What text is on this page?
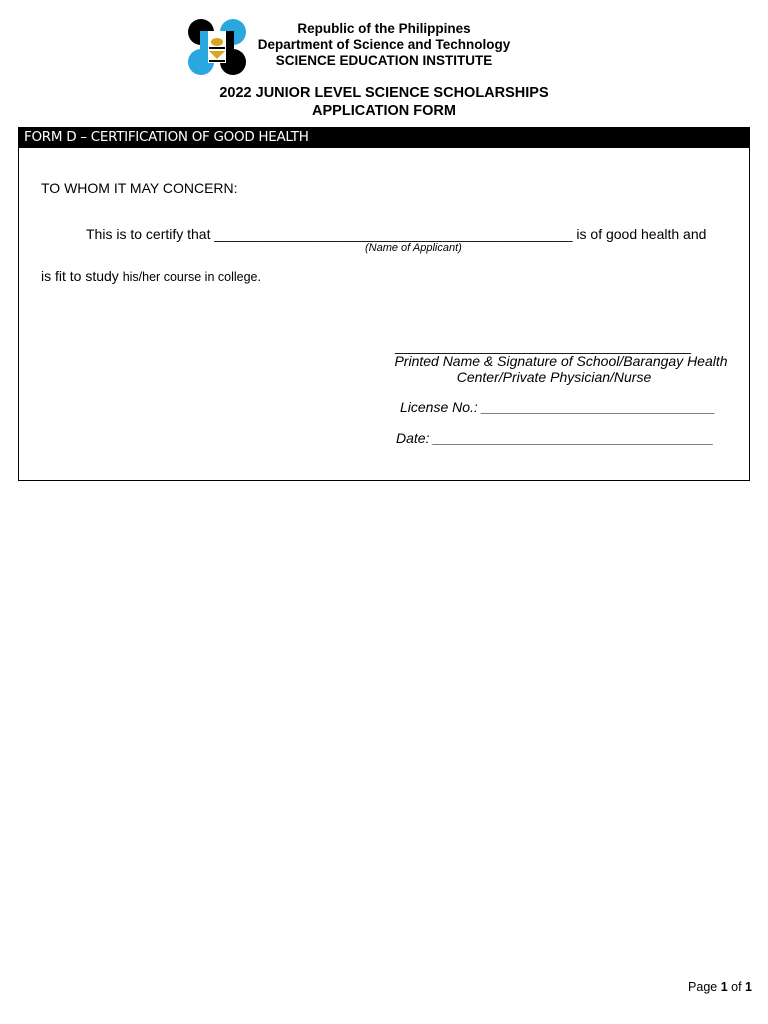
Republic of the Philippines
Department of Science and Technology
SCIENCE EDUCATION INSTITUTE
2022 JUNIOR LEVEL SCIENCE SCHOLARSHIPS
APPLICATION FORM
FORM D – CERTIFICATION OF GOOD HEALTH
TO WHOM IT MAY CONCERN:
This is to certify that ______________________________________________ is of good health and
(Name of Applicant)
is fit to study his/her course in college.
_______________________________________
Printed Name & Signature of School/Barangay Health
Center/Private Physician/Nurse
License No.: ______________________________
Date: ____________________________________
Page 1 of 1
